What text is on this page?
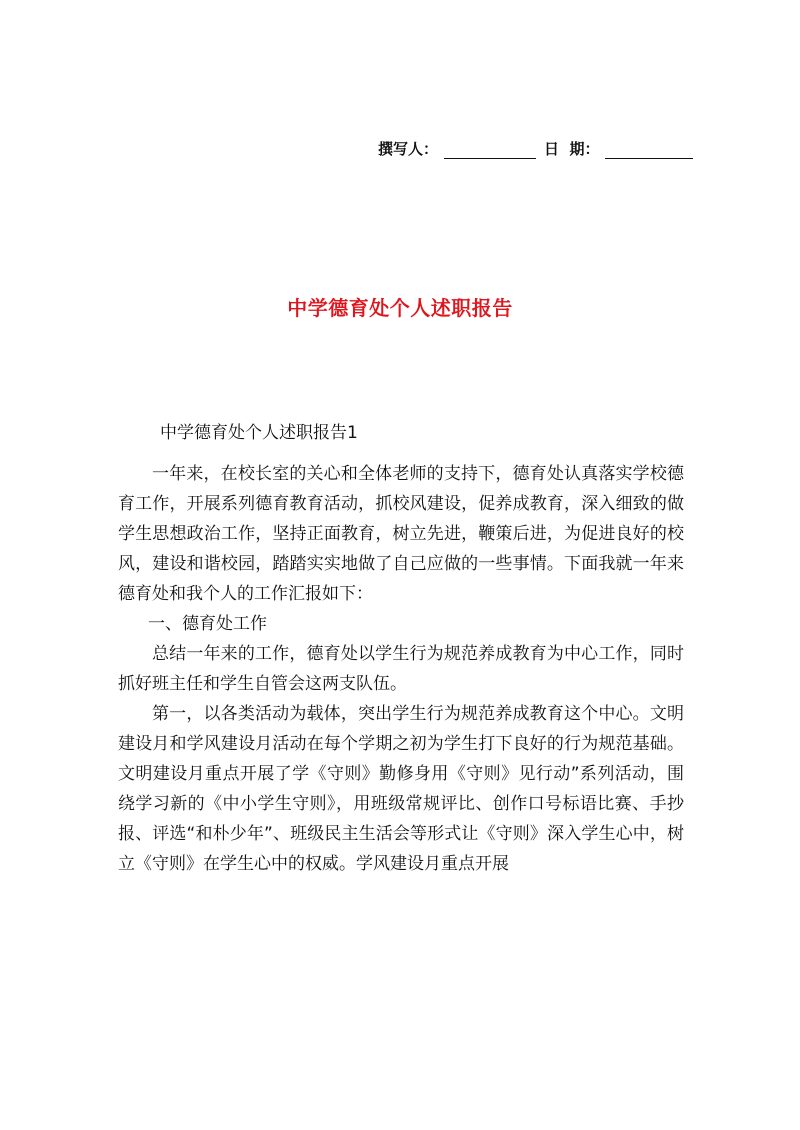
撰写人：	日  期：
中学德育处个人述职报告

中学德育处个人述职报告1

一年来，在校长室的关心和全体老师的支持下，德育处认真落实学校德育工作，开展系列德育教育活动，抓校风建设，促养成教育，深入细致的做学生思想政治工作，坚持正面教育，树立先进，鞭策后进，为促进良好的校风，建设和谐校园，踏踏实实地做了自己应做的一些事情。下面我就一年来德育处和我个人的工作汇报如下：

一、德育处工作

总结一年来的工作，德育处以学生行为规范养成教育为中心工作，同时抓好班主任和学生自管会这两支队伍。

第一，以各类活动为载体，突出学生行为规范养成教育这个中心。文明建设月和学风建设月活动在每个学期之初为学生打下良好的行为规范基础。文明建设月重点开展了学《守则》勤修身用《守则》见行动”系列活动，围绕学习新的《中小学生守则》，用班级常规评比、创作口号标语比赛、手抄报、评选“和朴少年”、班级民主生活会等形式让《守则》深入学生心中，树立《守则》在学生心中的权威。学风建设月重点开展
